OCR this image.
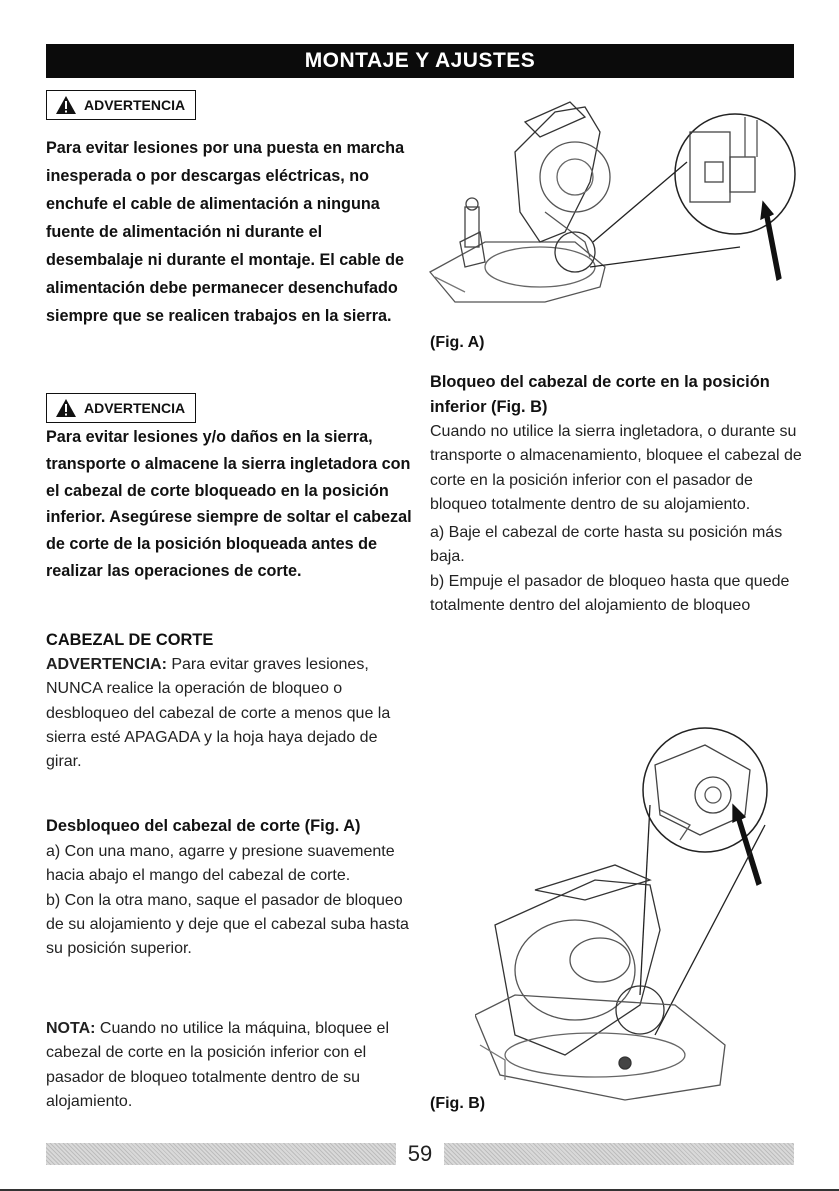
MONTAJE Y AJUSTES
ADVERTENCIA

Para evitar lesiones por una puesta en marcha inesperada o por descargas eléctricas, no enchufe el cable de alimentación a ninguna fuente de alimentación ni durante el desembalaje ni durante el montaje. El cable de alimentación debe permanecer desenchufado siempre que se realicen trabajos en la sierra.

ADVERTENCIA

Para evitar lesiones y/o daños en la sierra, transporte o almacene la sierra ingletadora con el cabezal de corte bloqueado en la posición inferior. Asegúrese siempre de soltar el cabezal de corte de la posición bloqueada antes de realizar las operaciones de corte.

CABEZAL DE CORTE

ADVERTENCIA: Para evitar graves lesiones, NUNCA realice la operación de bloqueo o desbloqueo del cabezal de corte a menos que la sierra esté APAGADA y la hoja haya dejado de girar.

Desbloqueo del cabezal de corte (Fig. A)

a) Con una mano, agarre y presione suavemente hacia abajo el mango del cabezal de corte.

b) Con la otra mano, saque el pasador de bloqueo de su alojamiento y deje que el cabezal suba hasta su posición superior.

NOTA: Cuando no utilice la máquina, bloquee el cabezal de corte en la posición inferior con el pasador de bloqueo totalmente dentro de su alojamiento.

(Fig. A)

Bloqueo del cabezal de corte en la posición inferior (Fig. B)

Cuando no utilice la sierra ingletadora, o durante su transporte o almacenamiento, bloquee el cabezal de corte en la posición inferior con el pasador de bloqueo totalmente dentro de su alojamiento.

a) Baje el cabezal de corte hasta su posición más baja.

b) Empuje el pasador de bloqueo hasta que quede totalmente dentro del alojamiento de bloqueo

(Fig. B)
59
